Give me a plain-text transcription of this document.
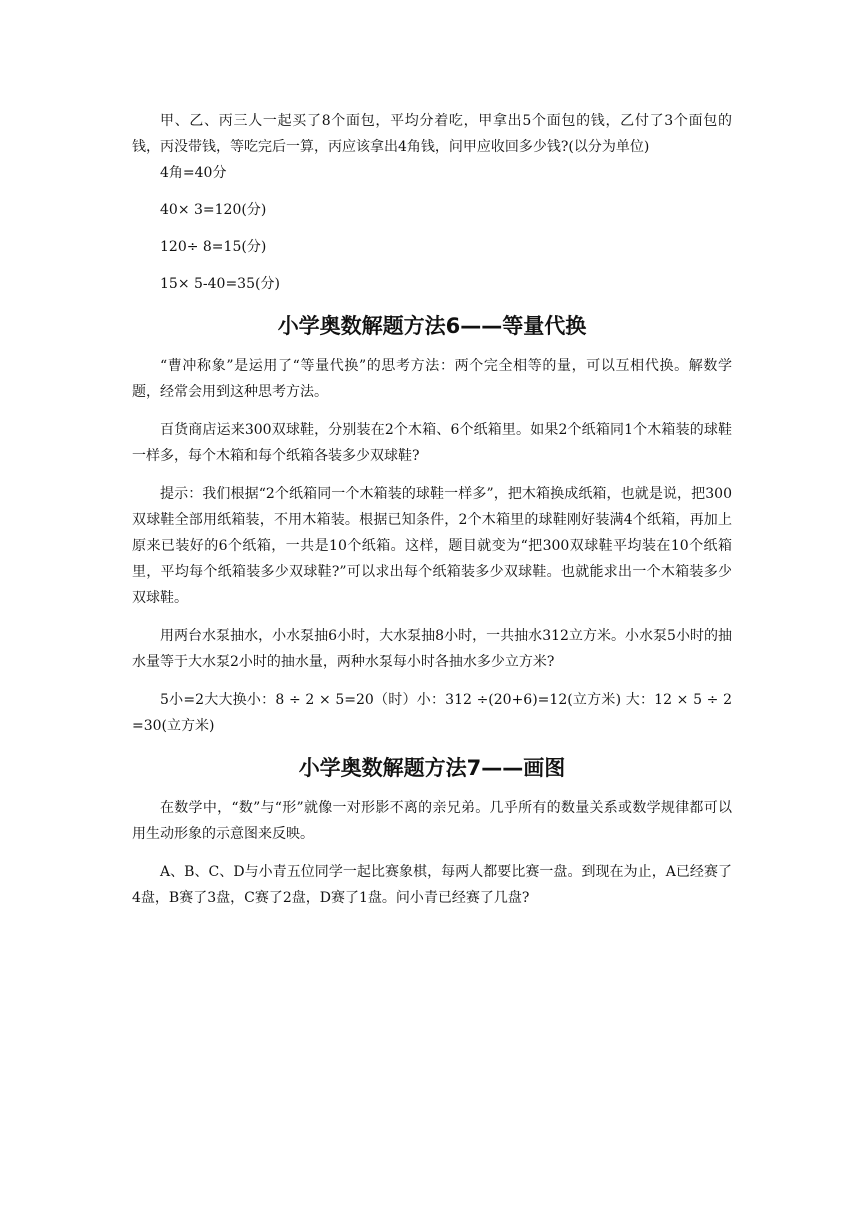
甲、乙、丙三人一起买了8个面包，平均分着吃，甲拿出5个面包的钱，乙付了3个面包的钱，丙没带钱，等吃完后一算，丙应该拿出4角钱，问甲应收回多少钱?(以分为单位)

4角=40分

40× 3=120(分)

120÷ 8=15(分)

15× 5-40=35(分)

小学奥数解题方法6——等量代换

“曹冲称象”是运用了“等量代换”的思考方法：两个完全相等的量，可以互相代换。解数学题，经常会用到这种思考方法。

百货商店运来300双球鞋，分别装在2个木箱、6个纸箱里。如果2个纸箱同1个木箱装的球鞋一样多，每个木箱和每个纸箱各装多少双球鞋?

提示：我们根据“2个纸箱同一个木箱装的球鞋一样多”，把木箱换成纸箱，也就是说，把300双球鞋全部用纸箱装，不用木箱装。根据已知条件，2个木箱里的球鞋刚好装满4个纸箱，再加上原来已装好的6个纸箱，一共是10个纸箱。这样，题目就变为“把300双球鞋平均装在10个纸箱里，平均每个纸箱装多少双球鞋?”可以求出每个纸箱装多少双球鞋。也就能求出一个木箱装多少双球鞋。

用两台水泵抽水，小水泵抽6小时，大水泵抽8小时，一共抽水312立方米。小水泵5小时的抽水量等于大水泵2小时的抽水量，两种水泵每小时各抽水多少立方米?

5小=2大大换小：8 ÷ 2 × 5=20（时）小：312 ÷(20+6)=12(立方米) 大：12 × 5 ÷ 2=30(立方米)

小学奥数解题方法7——画图

在数学中，“数”与“形”就像一对形影不离的亲兄弟。几乎所有的数量关系或数学规律都可以用生动形象的示意图来反映。

A、B、C、D与小青五位同学一起比赛象棋，每两人都要比赛一盘。到现在为止，A已经赛了4盘，B赛了3盘，C赛了2盘，D赛了1盘。问小青已经赛了几盘?
